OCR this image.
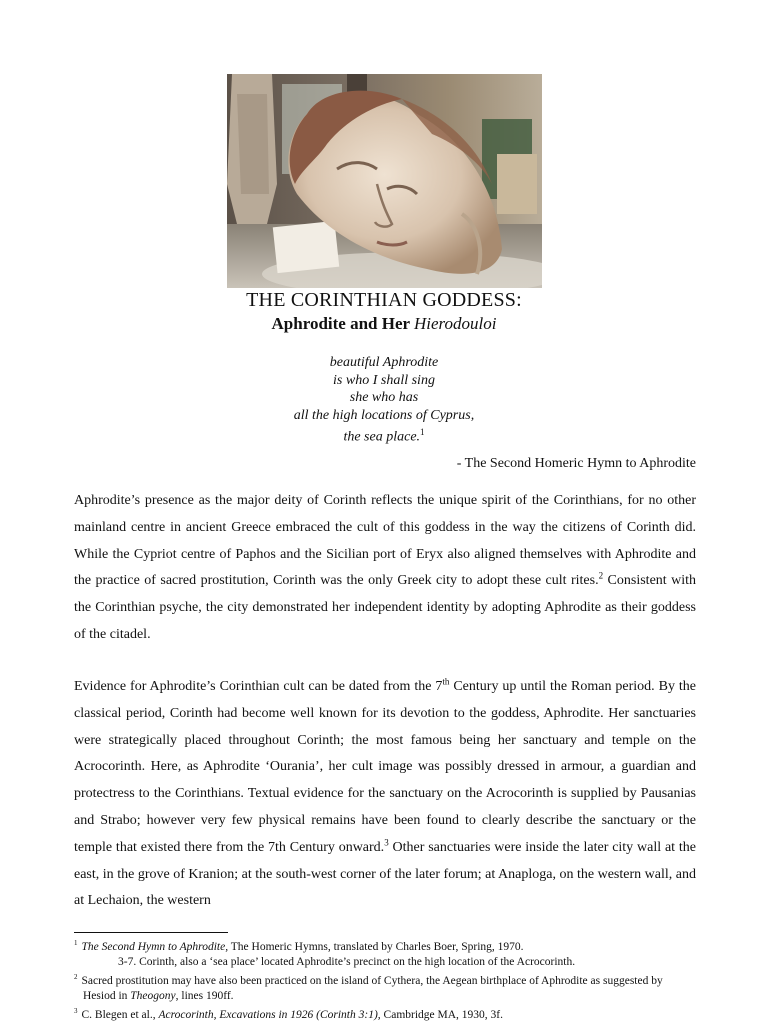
THE CORINTHIAN GODDESS:
Aphrodite and Her Hierodouloi
beautiful Aphrodite
is who I shall sing
she who has
all the high locations of Cyprus,
the sea place.$^1$
- The Second Homeric Hymn to Aphrodite

Aphrodite’s presence as the major deity of Corinth reflects the unique spirit of the Corinthians, for no other mainland centre in ancient Greece embraced the cult of this goddess in the way the citizens of Corinth did. While the Cypriot centre of Paphos and the Sicilian port of Eryx also aligned themselves with Aphrodite and the practice of sacred prostitution, Corinth was the only Greek city to adopt these cult rites.$^2$ Consistent with the Corinthian psyche, the city demonstrated her independent identity by adopting Aphrodite as their goddess of the citadel.

Evidence for Aphrodite’s Corinthian cult can be dated from the 7th Century up until the Roman period. By the classical period, Corinth had become well known for its devotion to the goddess, Aphrodite. Her sanctuaries were strategically placed throughout Corinth; the most famous being her sanctuary and temple on the Acrocorinth. Here, as Aphrodite ‘Ourania’, her cult image was possibly dressed in armour, a guardian and protectress to the Corinthians. Textual evidence for the sanctuary on the Acrocorinth is supplied by Pausanias and Strabo; however very few physical remains have been found to clearly describe the sanctuary or the temple that existed there from the 7th Century onward.$^3$ Other sanctuaries were inside the later city wall at the east, in the grove of Kranion; at the south-west corner of the later forum; at Anaploga, on the western wall, and at Lechaion, the western

$^1$ The Second Hymn to Aphrodite, The Homeric Hymns, translated by Charles Boer, Spring, 1970.
3-7. Corinth, also a ‘sea place’ located Aphrodite’s precinct on the high location of the Acrocorinth.
$^2$ Sacred prostitution may have also been practiced on the island of Cythera, the Aegean birthplace of Aphrodite as suggested by Hesiod in Theogony, lines 190ff.
$^3$ C. Blegen et al., Acrocorinth, Excavations in 1926 (Corinth 3:1), Cambridge MA, 1930, 3f.
